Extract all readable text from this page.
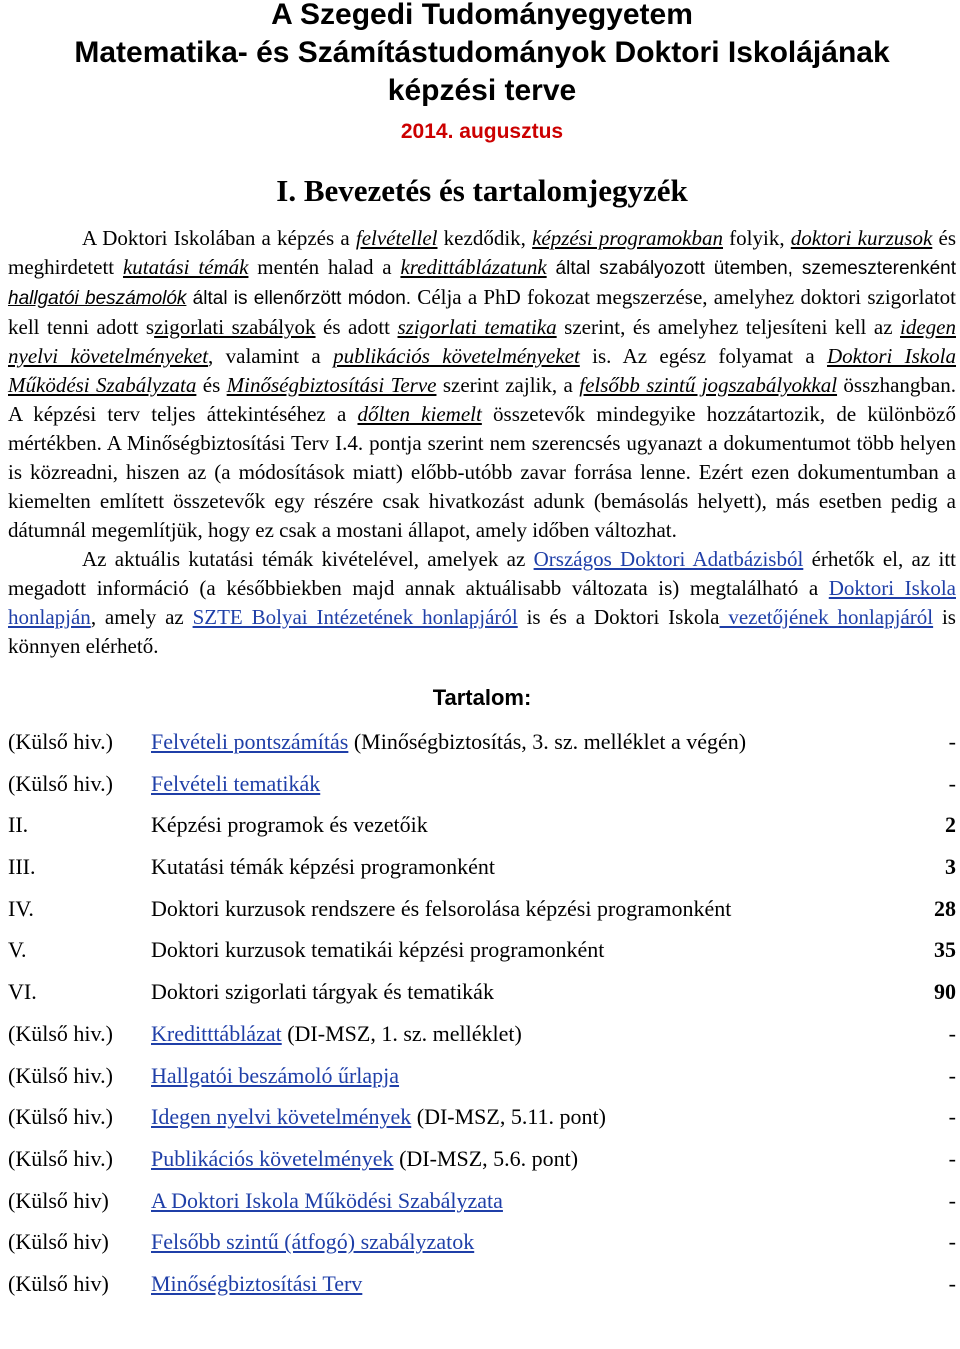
A Szegedi Tudományegyetem
Matematika- és Számítástudományok Doktori Iskolájának
képzési terve
2014. augusztus
I. Bevezetés és tartalomjegyzék
A Doktori Iskolában a képzés a felvétellel kezdődik, képzési programokban folyik, doktori kurzusok és meghirdetett kutatási témák mentén halad a kredittáblázatunk által szabályozott ütemben, szemeszterenként hallgatói beszámolók által is ellenőrzött módon. Célja a PhD fokozat megszerzése, amelyhez doktori szigorlatot kell tenni adott szigorlati szabályok és adott szigorlati tematika szerint, és amelyhez teljesíteni kell az idegen nyelvi követelményeket, valamint a publikációs követelményeket is. Az egész folyamat a Doktori Iskola Működési Szabályzata és Minőségbiztosítási Terve szerint zajlik, a felsőbb szintű jogszabályokkal összhangban. A képzési terv teljes áttekintéséhez a dőlten kiemelt összetevők mindegyike hozzátartozik, de különböző mértékben. A Minőségbiztosítási Terv I.4. pontja szerint nem szerencsés ugyanazt a dokumentumot több helyen is közreadni, hiszen az (a módosítások miatt) előbb-utóbb zavar forrása lenne. Ezért ezen dokumentumban a kiemelten említett összetevők egy részére csak hivatkozást adunk (bemásolás helyett), más esetben pedig a dátumnál megemlítjük, hogy ez csak a mostani állapot, amely időben változhat.
Az aktuális kutatási témák kivételével, amelyek az Országos Doktori Adatbázisból érhetők el, az itt megadott információ (a későbbiekben majd annak aktuálisabb változata is) megtalálható a Doktori Iskola honlapján, amely az SZTE Bolyai Intézetének honlapjáról is és a Doktori Iskola vezetőjének honlapjáról is könnyen elérhető.
Tartalom:
(Külső hiv.)	Felvételi pontszámítás (Minőségbiztosítás, 3. sz. melléklet a végén)	-
(Külső hiv.)	Felvételi tematikák	-
II.	Képzési programok és vezetőik	2
III.	Kutatási témák képzési programonként	3
IV.	Doktori kurzusok rendszere és felsorolása képzési programonként	28
V.	Doktori kurzusok tematikái képzési programonként	35
VI.	Doktori szigorlati tárgyak és tematikák	90
(Külső hiv.)	Kreditttáblázat (DI-MSZ, 1. sz. melléklet)	-
(Külső hiv.)	Hallgatói beszámoló űrlapja	-
(Külső hiv.)	Idegen nyelvi követelmények (DI-MSZ, 5.11. pont)	-
(Külső hiv.)	Publikációs követelmények (DI-MSZ, 5.6. pont)	-
(Külső hiv)	A Doktori Iskola Működési Szabályzata	-
(Külső hiv)	Felsőbb szintű (átfogó) szabályzatok	-
(Külső hiv)	Minőségbiztosítási Terv	-
